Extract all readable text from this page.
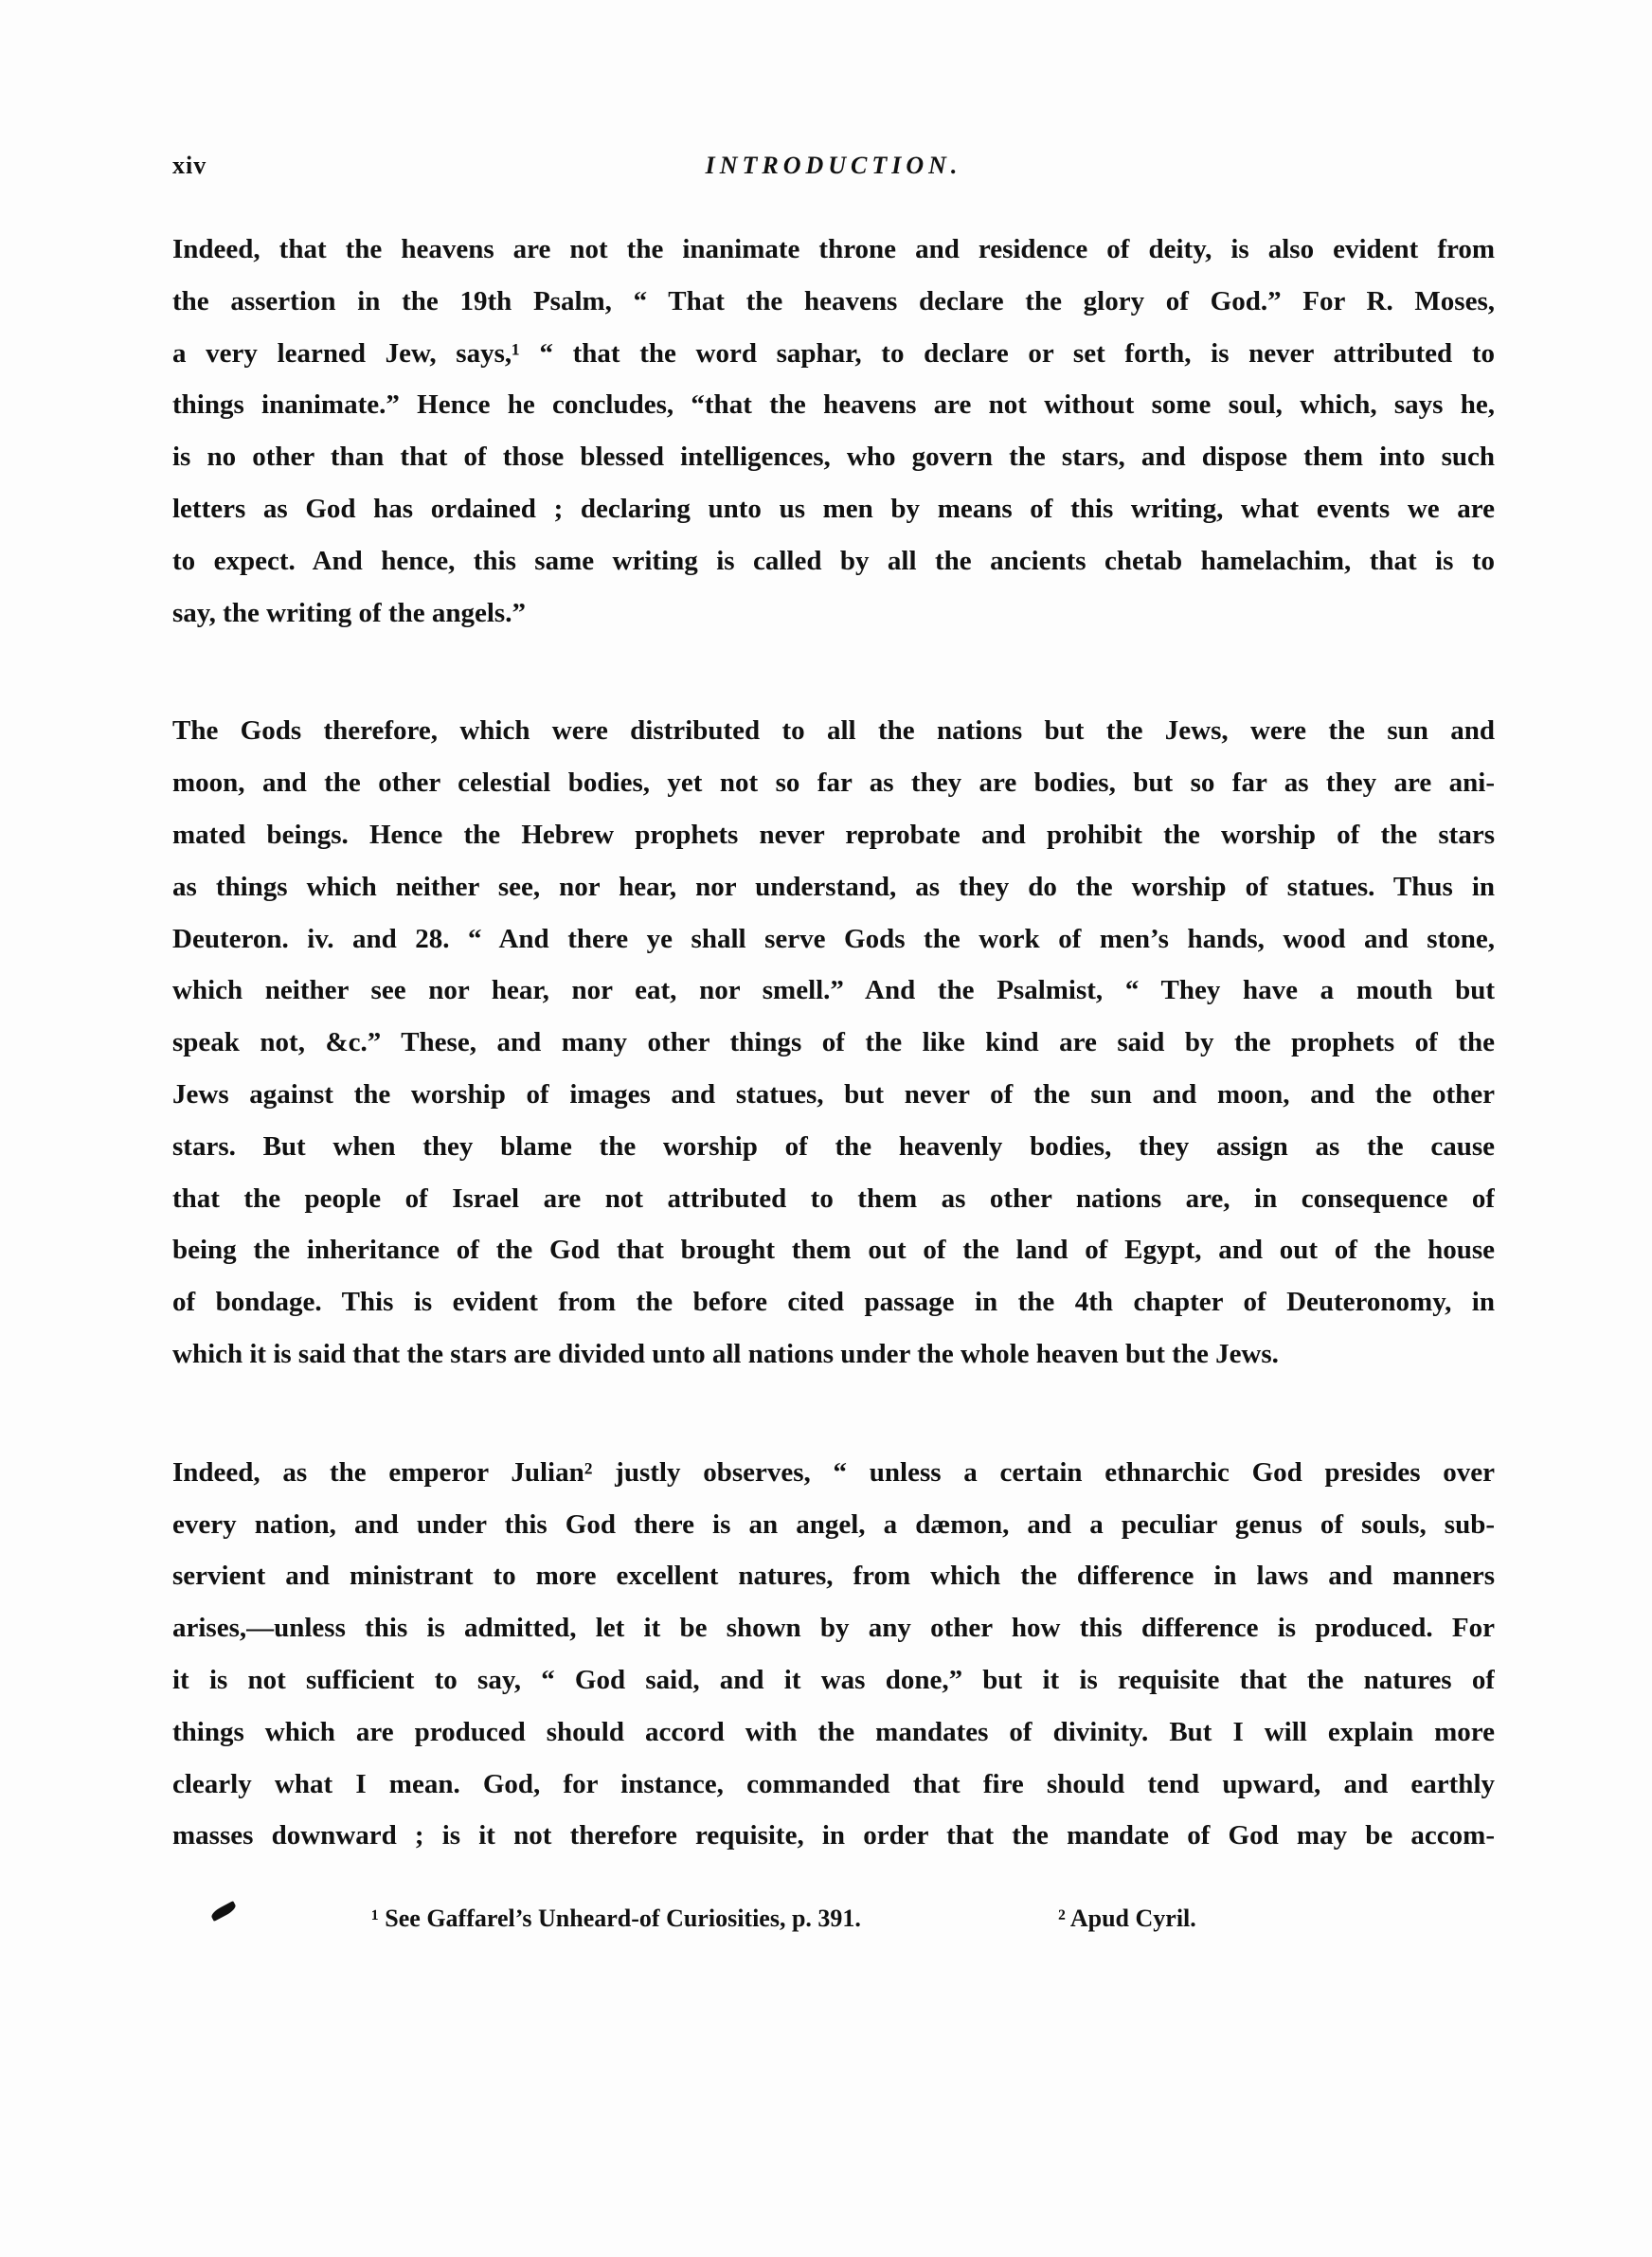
xiv	INTRODUCTION.
Indeed, that the heavens are not the inanimate throne and residence of deity, is also evident from
the assertion in the 19th Psalm, “ That the heavens declare the glory of God.” For R. Moses,
a very learned Jew, says,¹ “ that the word saphar, to declare or set forth, is never attributed to
things inanimate.” Hence he concludes, “that the heavens are not without some soul, which, says he,
is no other than that of those blessed intelligences, who govern the stars, and dispose them into such
letters as God has ordained ; declaring unto us men by means of this writing, what events we are
to expect. And hence, this same writing is called by all the ancients chetab hamelachim, that is to
say, the writing of the angels.”
The Gods therefore, which were distributed to all the nations but the Jews, were the sun and
moon, and the other celestial bodies, yet not so far as they are bodies, but so far as they are ani-
mated beings. Hence the Hebrew prophets never reprobate and prohibit the worship of the stars
as things which neither see, nor hear, nor understand, as they do the worship of statues. Thus in
Deuteron. iv. and 28. “ And there ye shall serve Gods the work of men’s hands, wood and stone,
which neither see nor hear, nor eat, nor smell.” And the Psalmist, “ They have a mouth but
speak not, &c.” These, and many other things of the like kind are said by the prophets of the
Jews against the worship of images and statues, but never of the sun and moon, and the other
stars. But when they blame the worship of the heavenly bodies, they assign as the cause
that the people of Israel are not attributed to them as other nations are, in consequence of
being the inheritance of the God that brought them out of the land of Egypt, and out of the house
of bondage. This is evident from the before cited passage in the 4th chapter of Deuteronomy, in
which it is said that the stars are divided unto all nations under the whole heaven but the Jews.
Indeed, as the emperor Julian² justly observes, “ unless a certain ethnarchic God presides over
every nation, and under this God there is an angel, a dæmon, and a peculiar genus of souls, sub-
servient and ministrant to more excellent natures, from which the difference in laws and manners
arises,—unless this is admitted, let it be shown by any other how this difference is produced. For
it is not sufficient to say, “ God said, and it was done,” but it is requisite that the natures of
things which are produced should accord with the mandates of divinity. But I will explain more
clearly what I mean. God, for instance, commanded that fire should tend upward, and earthly
masses downward ; is it not therefore requisite, in order that the mandate of God may be accom-
¹ See Gaffarel’s Unheard-of Curiosities, p. 391.	² Apud Cyril.
